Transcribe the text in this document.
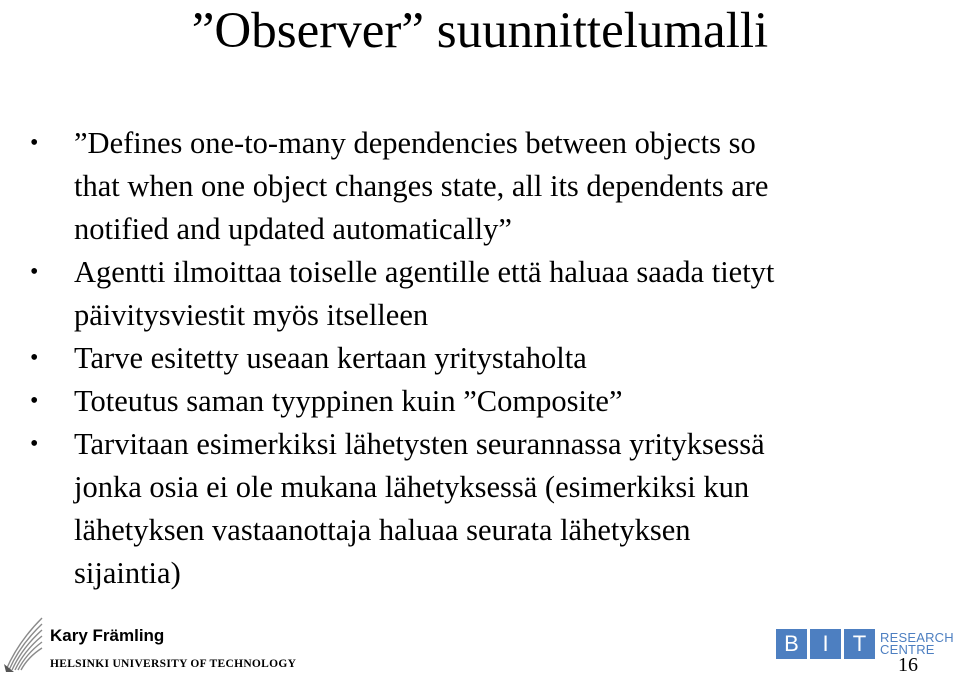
”Observer” suunnittelumalli
•	”Defines one-to-many dependencies between objects so
that when one object changes state, all its dependents are
notified and updated automatically”
•	Agentti ilmoittaa toiselle agentille että haluaa saada tietyt
päivitysviestit myös itselleen
•	Tarve esitetty useaan kertaan yritystaholta
•	Toteutus saman tyyppinen kuin ”Composite”
•	Tarvitaan esimerkiksi lähetysten seurannassa yrityksessä
jonka osia ei ole mukana lähetyksessä (esimerkiksi kun
lähetyksen vastaanottaja haluaa seurata lähetyksen
sijaintia)
Kary Främling
HELSINKI UNIVERSITY OF TECHNOLOGY
B	I	T	RESEARCH
CENTRE
16
